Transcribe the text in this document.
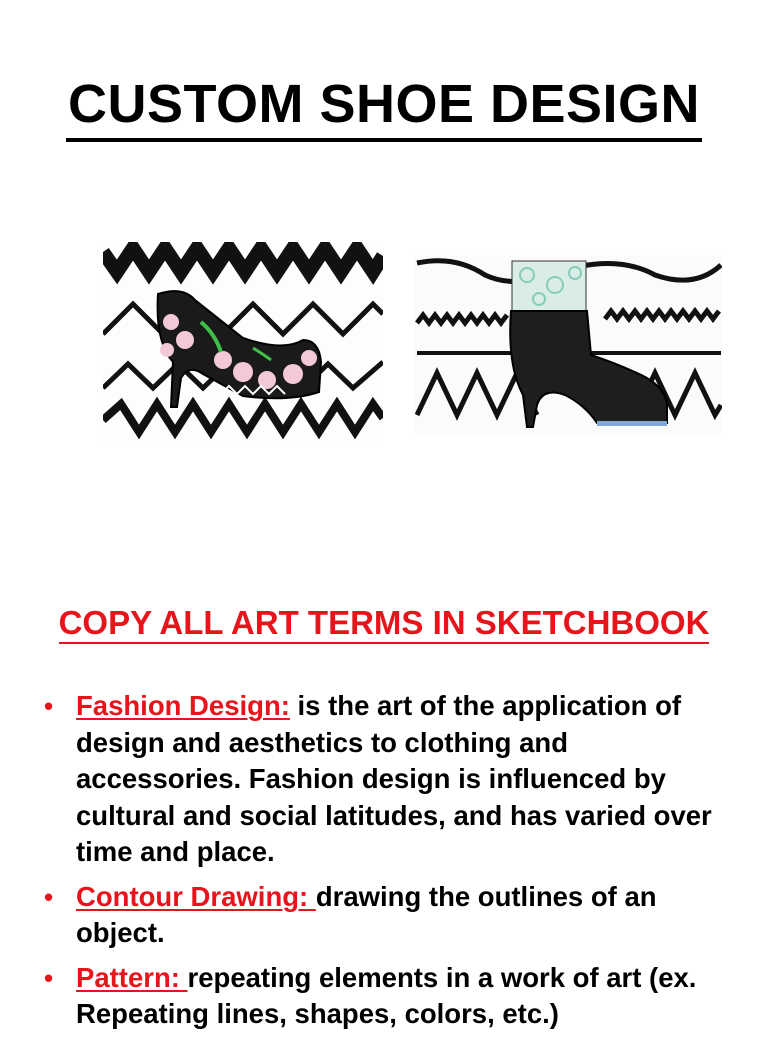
CUSTOM SHOE DESIGN
COPY ALL ART TERMS IN SKETCHBOOK
• Fashion Design: is the art of the application of design and aesthetics to clothing and accessories. Fashion design is influenced by cultural and social latitudes, and has varied over time and place.
• Contour Drawing: drawing the outlines of an object.
• Pattern: repeating elements in a work of art (ex. Repeating lines, shapes, colors, etc.)
